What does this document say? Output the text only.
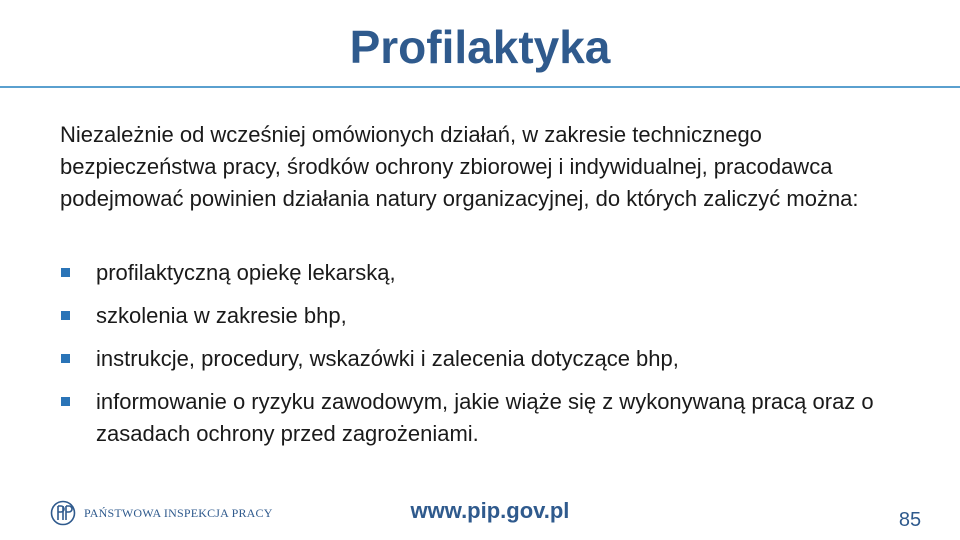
Profilaktyka

Niezależnie od wcześniej omówionych działań, w zakresie technicznego bezpieczeństwa pracy, środków ochrony zbiorowej i indywidualnej, pracodawca podejmować powinien działania natury organizacyjnej, do których zaliczyć można:

profilaktyczną opiekę lekarską,
szkolenia w zakresie bhp,
instrukcje, procedury, wskazówki i zalecenia dotyczące bhp,
informowanie o ryzyku zawodowym, jakie wiąże się z wykonywaną pracą oraz o zasadach ochrony przed zagrożeniami.
PAŃSTWOWA INSPEKCJA PRACY	www.pip.gov.pl	85
